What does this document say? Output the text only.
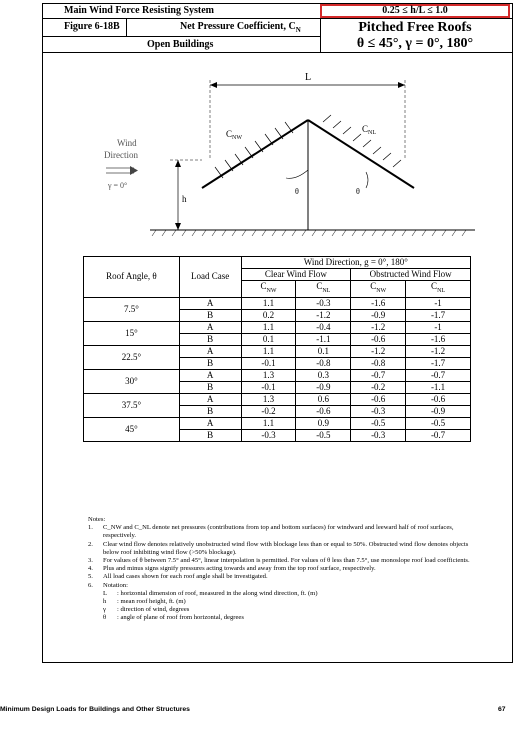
Main Wind Force Resisting System
Figure 6-18B	Net Pressure Coefficient, $C_N$
Open Buildings
0.25 ≤ h/L ≤ 1.0
Pitched Free Roofs
θ ≤ 45°, γ = 0°, 180°
L
$C_{NW}$
$C_{NL}$
θ	θ
h
Wind
Direction
γ = 0°
Roof Angle, θ	Load Case	Wind Direction, g = 0°, 180°			
		Clear Wind Flow		Obstructed Wind Flow	
		$C_{NW}$	$C_{NL}$	$C_{NW}$	$C_{NL}$
7.5°	A	1.1	-0.3	-1.6	-1
	B	0.2	-1.2	-0.9	-1.7
15°	A	1.1	-0.4	-1.2	-1
	B	0.1	-1.1	-0.6	-1.6
22.5°	A	1.1	0.1	-1.2	-1.2
	B	-0.1	-0.8	-0.8	-1.7
30°	A	1.3	0.3	-0.7	-0.7
	B	-0.1	-0.9	-0.2	-1.1
37.5°	A	1.3	0.6	-0.6	-0.6
	B	-0.2	-0.6	-0.3	-0.9
45°	A	1.1	0.9	-0.5	-0.5
	B	-0.3	-0.5	-0.3	-0.7
Notes:
1.	C_NW and C_NL denote net pressures (contributions from top and bottom surfaces) for windward and leeward half of roof surfaces, respectively.
2.	Clear wind flow denotes relatively unobstructed wind flow with blockage less than or equal to 50%. Obstructed wind flow denotes objects below roof inhibiting wind flow (>50% blockage).
3.	For values of θ between 7.5° and 45°, linear interpolation is permitted. For values of θ less than 7.5°, use monoslope roof load coefficients.
4.	Plus and minus signs signify pressures acting towards and away from the top roof surface, respectively.
5.	All load cases shown for each roof angle shall be investigated.
6.	Notation:
L	: horizontal dimension of roof, measured in the along wind direction, ft. (m)
h	: mean roof height, ft. (m)
γ	: direction of wind, degrees
θ	: angle of plane of roof from horizontal, degrees
Minimum Design Loads for Buildings and Other Structures	67
